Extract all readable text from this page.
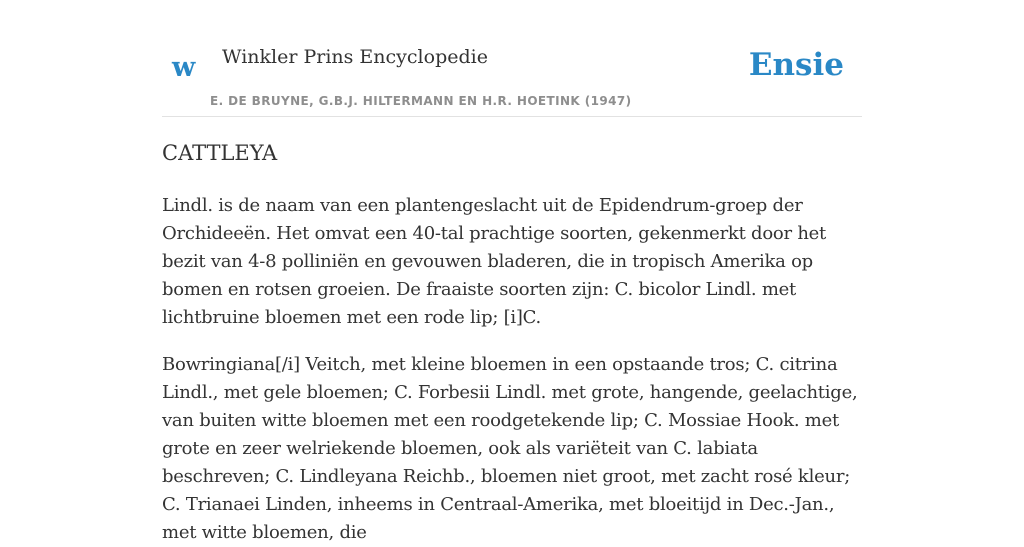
w Winkler Prins Encyclopedie
E. DE BRUYNE, G.B.J. HILTERMANN EN H.R. HOETINK (1947)
Ensie
CATTLEYA

Lindl. is de naam van een plantengeslacht uit de Epidendrum-groep der Orchideeën. Het omvat een 40-tal prachtige soorten, gekenmerkt door het bezit van 4-8 polliniën en gevouwen bladeren, die in tropisch Amerika op bomen en rotsen groeien. De fraaiste soorten zijn: C. bicolor Lindl. met lichtbruine bloemen met een rode lip; [i]C.

Bowringiana[/i] Veitch, met kleine bloemen in een opstaande tros; C. citrina Lindl., met gele bloemen; C. Forbesii Lindl. met grote, hangende, geelachtige, van buiten witte bloemen met een roodgetekende lip; C. Mossiae Hook. met grote en zeer welriekende bloemen, ook als variëteit van C. labiata beschreven; C. Lindleyana Reichb., bloemen niet groot, met zacht rosé kleur; C. Trianaei Linden, inheems in Centraal-Amerika, met bloeitijd in Dec.-Jan., met witte bloemen, die
